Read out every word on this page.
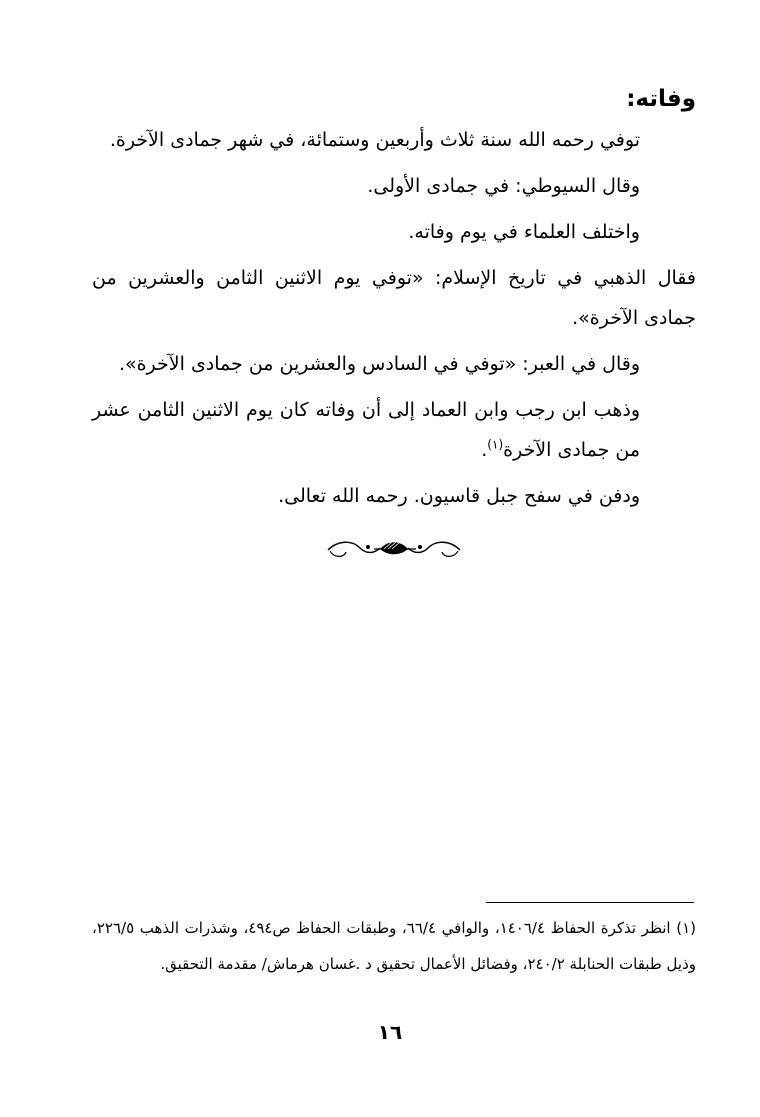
وفاته:

توفي رحمه الله سنة ثلاث وأربعين وستمائة، في شهر جمادى الآخرة.

وقال السيوطي: في جمادى الأولى.

واختلف العلماء في يوم وفاته.

فقال الذهبي في تاريخ الإسلام: «توفي يوم الاثنين الثامن والعشرين من جمادى الآخرة».

وقال في العبر: «توفي في السادس والعشرين من جمادى الآخرة».

وذهب ابن رجب وابن العماد إلى أن وفاته كان يوم الاثنين الثامن عشر من جمادى الآخرة$^{(١)}$.

ودفن في سفح جبل قاسيون. رحمه الله تعالى.

(١) انظر تذكرة الحفاظ ١٤٠٦/٤، والوافي ٦٦/٤، وطبقات الحفاظ ص٤٩٤، وشذرات الذهب ٢٢٦/٥، وذيل طبقات الحنابلة ٢٤٠/٢، وفضائل الأعمال تحقيق د .غسان هرماش/ مقدمة التحقيق.

١٦
